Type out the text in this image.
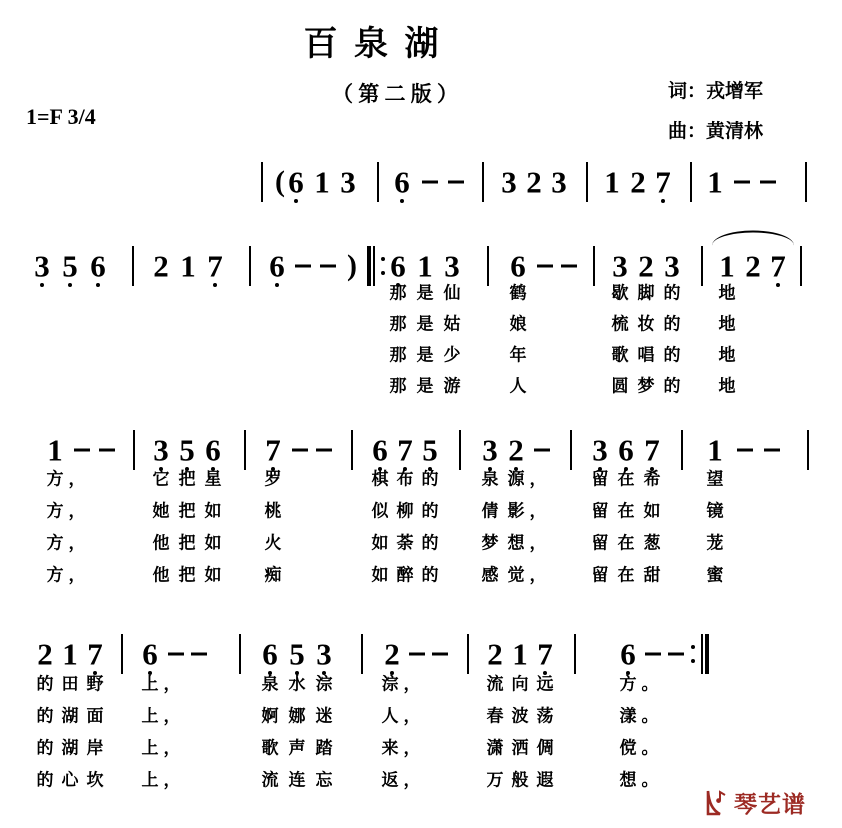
百 泉 湖
（ 第 二 版 ）	词：戎增军
曲：黄清林
1=F 3/4
( 6 1 3 6	3 2 3 1 2 7 1
3 5 6 2 1 7 6 ) 6 1 3 6	3 2 3 1 2 7
1	3 5 6 7	6 7 5 3 2 3 6 7 1
2 1 7 6	6 5 3 2	2 1 7 6
那 是 仙	鹤	歇 脚 的 地
那 是 姑	娘	梳 妆 的 地
那 是 少	年	歌 唱 的 地
那 是 游	人	圆 梦 的 地
方 ，	它 把 星	罗	棋 布 的	泉 源 ，	留 在 希	望
方 ，	她 把 如	桃	似 柳 的	倩 影 ，	留 在 如	镜
方 ，	他 把 如	火	如 荼 的	梦 想 ，	留 在 葱	茏
方 ，	他 把 如	痴	如 醉 的	感 觉 ，	留 在 甜	蜜
的 田 野 上 ，	泉 水 淙	淙 ，	流 向 远	方 。
的 湖 面 上 ，	婀 娜 迷	人 ，	春 波 荡	漾 。
的 湖 岸 上 ，	歌 声 踏	来 ，	潇 洒 倜	傥 。
的 心 坎 上 ，	流 连 忘	返 ，	万 般 遐	想 。
琴艺谱
